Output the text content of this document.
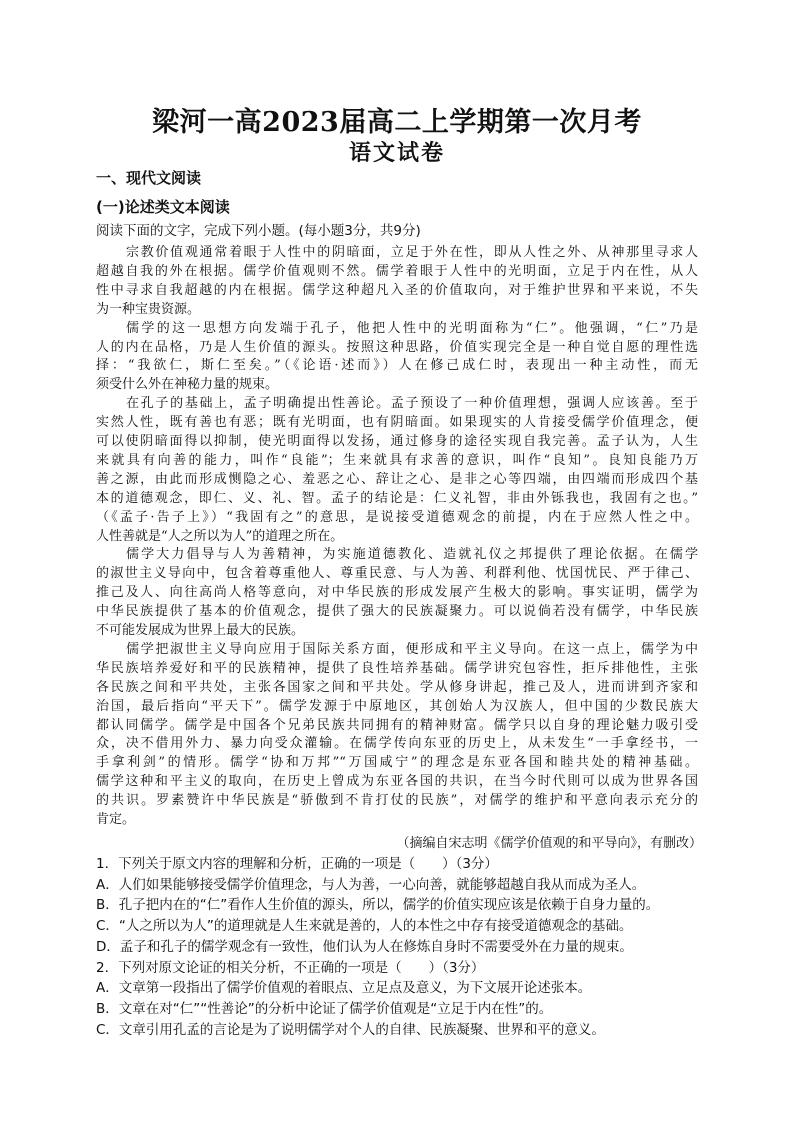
梁河一高2023届高二上学期第一次月考
语文试卷
一、现代文阅读
(一)论述类文本阅读
阅读下面的文字，完成下列小题。(每小题3分，共9分)
宗教价值观通常着眼于人性中的阴暗面，立足于外在性，即从人性之外、从神那里寻求人
超越自我的外在根据。儒学价值观则不然。儒学着眼于人性中的光明面，立足于内在性，从人
性中寻求自我超越的内在根据。儒学这种超凡入圣的价值取向，对于维护世界和平来说，不失
为一种宝贵资源。
儒学的这一思想方向发端于孔子，他把人性中的光明面称为“仁”。他强调，“仁”乃是
人的内在品格，乃是人生价值的源头。按照这种思路，价值实现完全是一种自觉自愿的理性选
择：“我欲仁，斯仁至矣。”（《论语·述而》）人在修己成仁时，表现出一种主动性，而无
须受什么外在神秘力量的规束。
在孔子的基础上，孟子明确提出性善论。孟子预设了一种价值理想，强调人应该善。至于
实然人性，既有善也有恶；既有光明面，也有阴暗面。如果现实的人肯接受儒学价值理念，便
可以使阴暗面得以抑制，使光明面得以发扬，通过修身的途径实现自我完善。孟子认为，人生
来就具有向善的能力，叫作“良能”；生来就具有求善的意识，叫作“良知”。良知良能乃万
善之源，由此而形成恻隐之心、羞恶之心、辞让之心、是非之心等四端，由四端而形成四个基
本的道德观念，即仁、义、礼、智。孟子的结论是：仁义礼智，非由外铄我也，我固有之也。”
（《孟子·告子上》）“我固有之”的意思，是说接受道德观念的前提，内在于应然人性之中。
人性善就是“人之所以为人”的道理之所在。
儒学大力倡导与人为善精神，为实施道德教化、造就礼仪之邦提供了理论依据。在儒学
的淑世主义导向中，包含着尊重他人、尊重民意、与人为善、利群利他、忧国忧民、严于律己、
推己及人、向往高尚人格等意向，对中华民族的形成发展产生极大的影响。事实证明，儒学为
中华民族提供了基本的价值观念，提供了强大的民族凝聚力。可以说倘若没有儒学，中华民族
不可能发展成为世界上最大的民族。
儒学把淑世主义导向应用于国际关系方面，便形成和平主义导向。在这一点上，儒学为中
华民族培养爱好和平的民族精神，提供了良性培养基础。儒学讲究包容性，拒斥排他性，主张
各民族之间和平共处，主张各国家之间和平共处。学从修身讲起，推己及人，进而讲到齐家和
治国，最后指向“平天下”。儒学发源于中原地区，其创始人为汉族人，但中国的少数民族大
都认同儒学。儒学是中国各个兄弟民族共同拥有的精神财富。儒学只以自身的理论魅力吸引受
众，决不借用外力、暴力向受众灌输。在儒学传向东亚的历史上，从未发生“一手拿经书，一
手拿利剑”的情形。儒学“协和万邦”“万国咸宁”的理念是东亚各国和睦共处的精神基础。
儒学这种和平主义的取向，在历史上曾成为东亚各国的共识，在当今时代則可以成为世界各国
的共识。罗素赞许中华民族是“骄傲到不肯打仗的民族”，对儒学的维护和平意向表示充分的
肯定。
（摘编自宋志明《儒学价值观的和平导向》，有删改）
1．下列关于原文内容的理解和分析，正确的一项是（　　）（3分）
A．人们如果能够接受儒学价值理念，与人为善，一心向善，就能够超越自我从而成为圣人。
B．孔子把内在的“仁”看作人生价值的源头，所以，儒学的价值实现应该是依赖于自身力量的。
C．“人之所以为人”的道理就是人生来就是善的，人的本性之中存有接受道德观念的基础。
D．孟子和孔子的儒学观念有一致性，他们认为人在修炼自身时不需要受外在力量的规束。
2．下列对原文论证的相关分析，不正确的一项是（　　）（3分）
A．文章第一段指出了儒学价值观的着眼点、立足点及意义，为下文展开论述张本。
B．文章在对“仁”“性善论”的分析中论证了儒学价值观是“立足于内在性”的。
C．文章引用孔孟的言论是为了说明儒学对个人的自律、民族凝聚、世界和平的意义。
